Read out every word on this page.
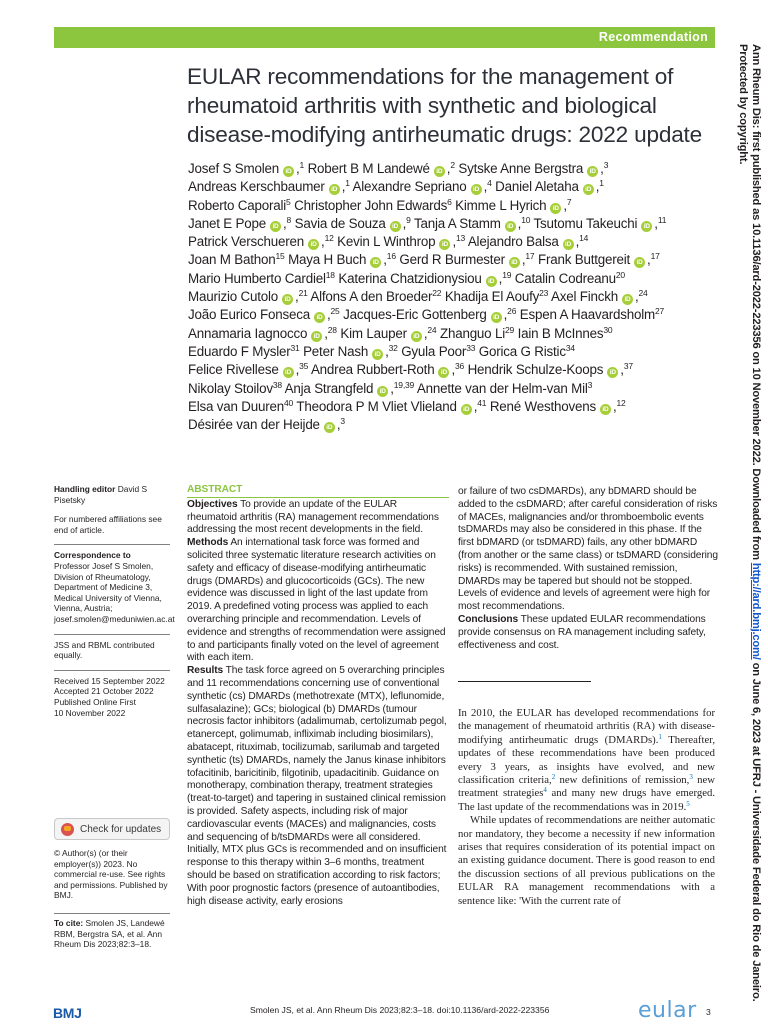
Recommendation
EULAR recommendations for the management of rheumatoid arthritis with synthetic and biological disease-modifying antirheumatic drugs: 2022 update
Josef S Smolen iD ,$^1$ Robert B M Landewé iD ,$^2$ Sytske Anne Bergstra iD ,$^3$
Andreas Kerschbaumer iD ,$^1$ Alexandre Sepriano iD ,$^4$ Daniel Aletaha iD ,$^1$
Roberto Caporali$^5$ Christopher John Edwards$^6$ Kimme L Hyrich iD ,$^7$
Janet E Pope iD ,$^8$ Savia de Souza iD ,$^9$ Tanja A Stamm iD ,$^{10}$ Tsutomu Takeuchi iD ,$^{11}$
Patrick Verschueren iD ,$^{12}$ Kevin L Winthrop iD ,$^{13}$ Alejandro Balsa iD ,$^{14}$
Joan M Bathon$^{15}$ Maya H Buch iD ,$^{16}$ Gerd R Burmester iD ,$^{17}$ Frank Buttgereit iD ,$^{17}$
Mario Humberto Cardiel$^{18}$ Katerina Chatzidionysiou iD ,$^{19}$ Catalin Codreanu$^{20}$
Maurizio Cutolo iD ,$^{21}$ Alfons A den Broeder$^{22}$ Khadija El Aoufy$^{23}$ Axel Finckh iD ,$^{24}$
João Eurico Fonseca iD ,$^{25}$ Jacques-Eric Gottenberg iD ,$^{26}$ Espen A Haavardsholm$^{27}$
Annamaria Iagnocco iD ,$^{28}$ Kim Lauper iD ,$^{24}$ Zhanguo Li$^{29}$ Iain B McInnes$^{30}$
Eduardo F Mysler$^{31}$ Peter Nash iD ,$^{32}$ Gyula Poor$^{33}$ Gorica G Ristic$^{34}$
Felice Rivellese iD ,$^{35}$ Andrea Rubbert-Roth iD ,$^{36}$ Hendrik Schulze-Koops iD ,$^{37}$
Nikolay Stoilov$^{38}$ Anja Strangfeld iD ,$^{19,39}$ Annette van der Helm-van Mil$^3$
Elsa van Duuren$^{40}$ Theodora P M Vliet Vlieland iD ,$^{41}$ René Westhovens iD ,$^{12}$
Désirée van der Heijde iD ,$^3$
Handling editor David S Pisetsky
For numbered affiliations see end of article.
Correspondence to
Professor Josef S Smolen,
Division of Rheumatology,
Department of Medicine 3,
Medical University of Vienna,
Vienna, Austria;
josef.smolen@meduniwien.ac.at
JSS and RBML contributed equally.
Received 15 September 2022
Accepted 21 October 2022
Published Online First
10 November 2022
Check for updates
© Author(s) (or their employer(s)) 2023. No commercial re-use. See rights and permissions. Published by BMJ.
To cite: Smolen JS, Landewé RBM, Bergstra SA, et al. Ann Rheum Dis 2023;82:3–18.
ABSTRACT
Objectives To provide an update of the EULAR rheumatoid arthritis (RA) management recommendations addressing the most recent developments in the field.
Methods An international task force was formed and solicited three systematic literature research activities on safety and efficacy of disease-modifying antirheumatic drugs (DMARDs) and glucocorticoids (GCs). The new evidence was discussed in light of the last update from 2019. A predefined voting process was applied to each overarching principle and recommendation. Levels of evidence and strengths of recommendation were assigned to and participants finally voted on the level of agreement with each item.
Results The task force agreed on 5 overarching principles and 11 recommendations concerning use of conventional synthetic (cs) DMARDs (methotrexate (MTX), leflunomide, sulfasalazine); GCs; biological (b) DMARDs (tumour necrosis factor inhibitors (adalimumab, certolizumab pegol, etanercept, golimumab, infliximab including biosimilars), abatacept, rituximab, tocilizumab, sarilumab and targeted synthetic (ts) DMARDs, namely the Janus kinase inhibitors tofacitinib, baricitinib, filgotinib, upadacitinib. Guidance on monotherapy, combination therapy, treatment strategies (treat-to-target) and tapering in sustained clinical remission is provided. Safety aspects, including risk of major cardiovascular events (MACEs) and malignancies, costs and sequencing of b/tsDMARDs were all considered. Initially, MTX plus GCs is recommended and on insufficient response to this therapy within 3–6 months, treatment should be based on stratification according to risk factors; With poor prognostic factors (presence of autoantibodies, high disease activity, early erosions
or failure of two csDMARDs), any bDMARD should be added to the csDMARD; after careful consideration of risks of MACEs, malignancies and/or thromboembolic events tsDMARDs may also be considered in this phase. If the first bDMARD (or tsDMARD) fails, any other bDMARD (from another or the same class) or tsDMARD (considering risks) is recommended. With sustained remission, DMARDs may be tapered but should not be stopped. Levels of evidence and levels of agreement were high for most recommendations.
Conclusions These updated EULAR recommendations provide consensus on RA management including safety, effectiveness and cost.

In 2010, the EULAR has developed recommendations for the management of rheumatoid arthritis (RA) with disease-modifying antirheumatic drugs (DMARDs).$^1$ Thereafter, updates of these recommendations have been produced every 3 years, as insights have evolved, and new classification criteria,$^2$ new definitions of remission,$^3$ new treatment strategies$^4$ and many new drugs have emerged. The last update of the recommendations was in 2019.$^5$

While updates of recommendations are neither automatic nor mandatory, they become a necessity if new information arises that requires consideration of its potential impact on an existing guidance document. There is good reason to end the discussion sections of all previous publications on the EULAR RA management recommendations with a sentence like: 'With the current rate of

Ann Rheum Dis: first published as 10.1136/ard-2022-223356 on 10 November 2022. Downloaded from http://ard.bmj.com/ on June 6, 2023 at UFRJ - Universidade Federal do Rio de Janeiro. Protected by copyright.
BMJ	Smolen JS, et al. Ann Rheum Dis 2023;82:3–18. doi:10.1136/ard-2022-223356	eular 3
